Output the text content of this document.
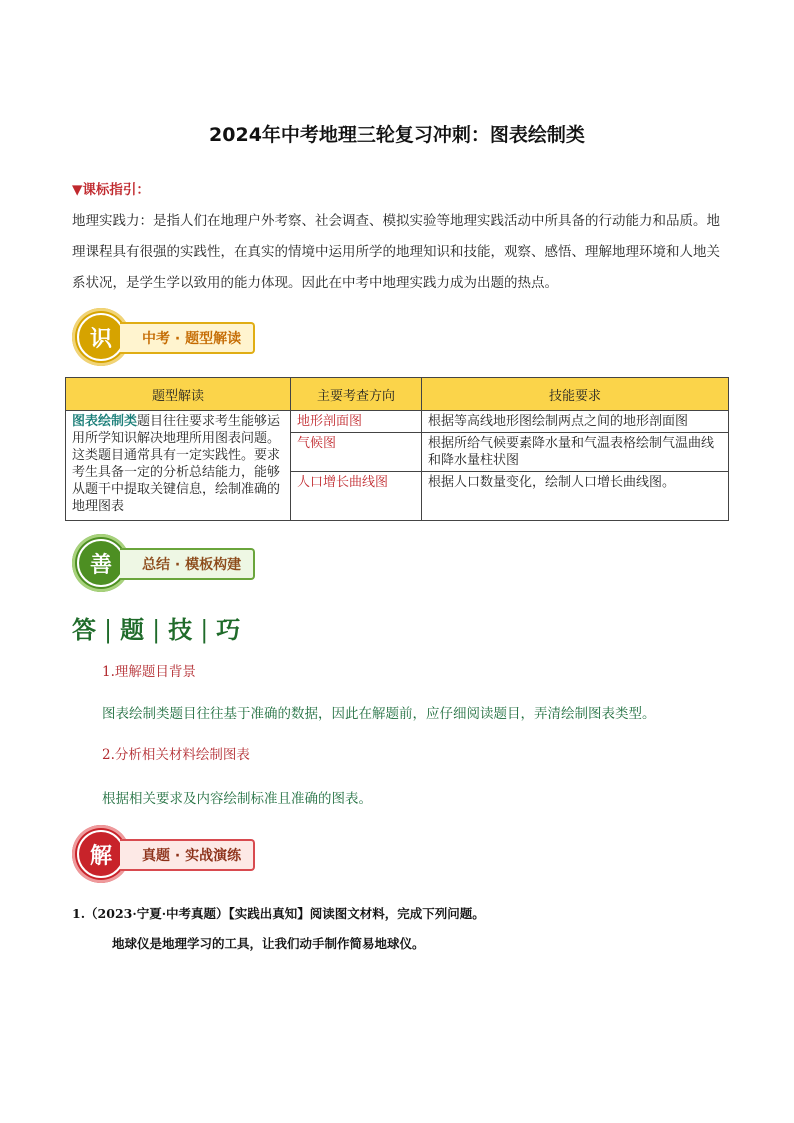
2024年中考地理三轮复习冲刺：图表绘制类
▼课标指引：
地理实践力：是指人们在地理户外考察、社会调查、模拟实验等地理实践活动中所具备的行动能力和品质。地理课程具有很强的实践性，在真实的情境中运用所学的地理知识和技能，观察、感悟、理解地理环境和人地关系状况，是学生学以致用的能力体现。因此在中考中地理实践力成为出题的热点。
识	中考 · 题型解读
题型解读	主要考查方向	技能要求
图表绘制类题目往往要求考生能够运用所学知识解决地理所用图表问题。这类题目通常具有一定实践性。要求考生具备一定的分析总结能力，能够从题干中提取关键信息，绘制准确的地理图表	地形剖面图	根据等高线地形图绘制两点之间的地形剖面图
	气候图	根据所给气候要素降水量和气温表格绘制气温曲线和降水量柱状图
	人口增长曲线图	根据人口数量变化，绘制人口增长曲线图。
善	总结 · 模板构建
答 | 题 | 技 | 巧
1.理解题目背景
图表绘制类题目往往基于准确的数据，因此在解题前，应仔细阅读题目，弄清绘制图表类型。
2.分析相关材料绘制图表
根据相关要求及内容绘制标准且准确的图表。
解	真题 · 实战演练
1.（2023·宁夏·中考真题）【实践出真知】阅读图文材料，完成下列问题。
地球仪是地理学习的工具，让我们动手制作简易地球仪。
